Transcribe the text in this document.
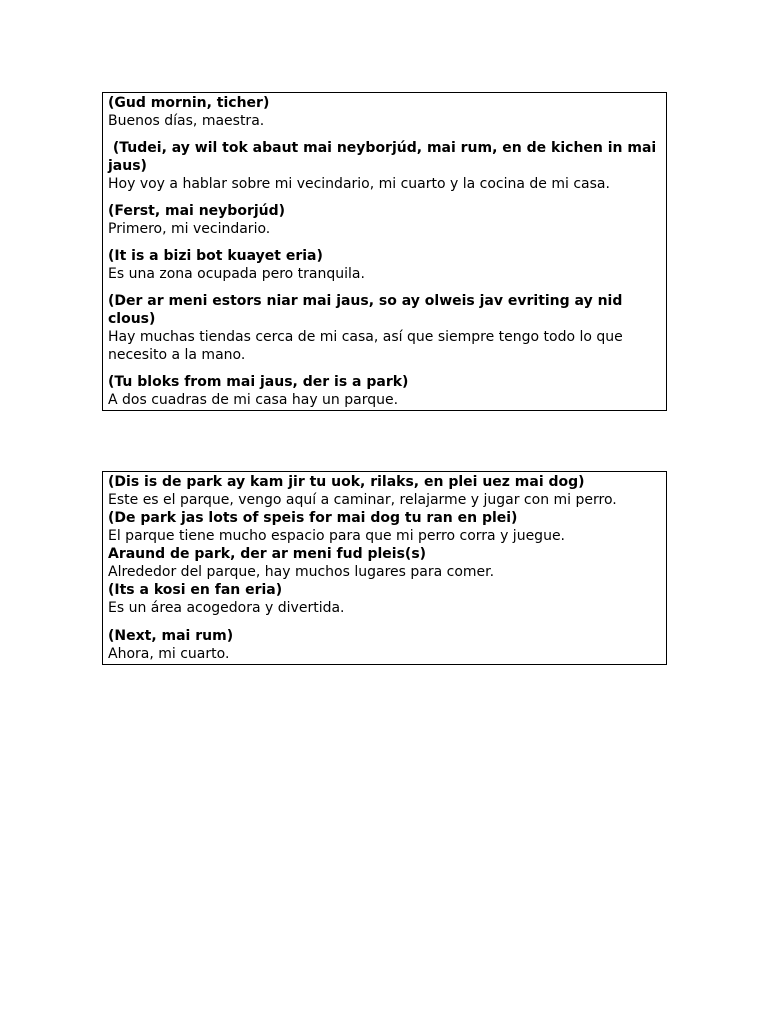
(Gud mornin, ticher)

Buenos días, maestra.

(Tudei, ay wil tok abaut mai neyborjúd, mai rum, en de kichen in mai jaus)

Hoy voy a hablar sobre mi vecindario, mi cuarto y la cocina de mi casa.

(Ferst, mai neyborjúd)

Primero, mi vecindario.

(It is a bizi bot kuayet eria)

Es una zona ocupada pero tranquila.

(Der ar meni estors niar mai jaus, so ay olweis jav evriting ay nid clous)

Hay muchas tiendas cerca de mi casa, así que siempre tengo todo lo que necesito a la mano.

(Tu bloks from mai jaus, der is a park)

A dos cuadras de mi casa hay un parque.

(Dis is de park ay kam jir tu uok, rilaks, en plei uez mai dog)

Este es el parque, vengo aquí a caminar, relajarme y jugar con mi perro.

(De park jas lots of speis for mai dog tu ran en plei)

El parque tiene mucho espacio para que mi perro corra y juegue.

Araund de park, der ar meni fud pleis(s)

Alrededor del parque, hay muchos lugares para comer.

(Its a kosi en fan eria)

Es un área acogedora y divertida.

(Next, mai rum)

Ahora, mi cuarto.
